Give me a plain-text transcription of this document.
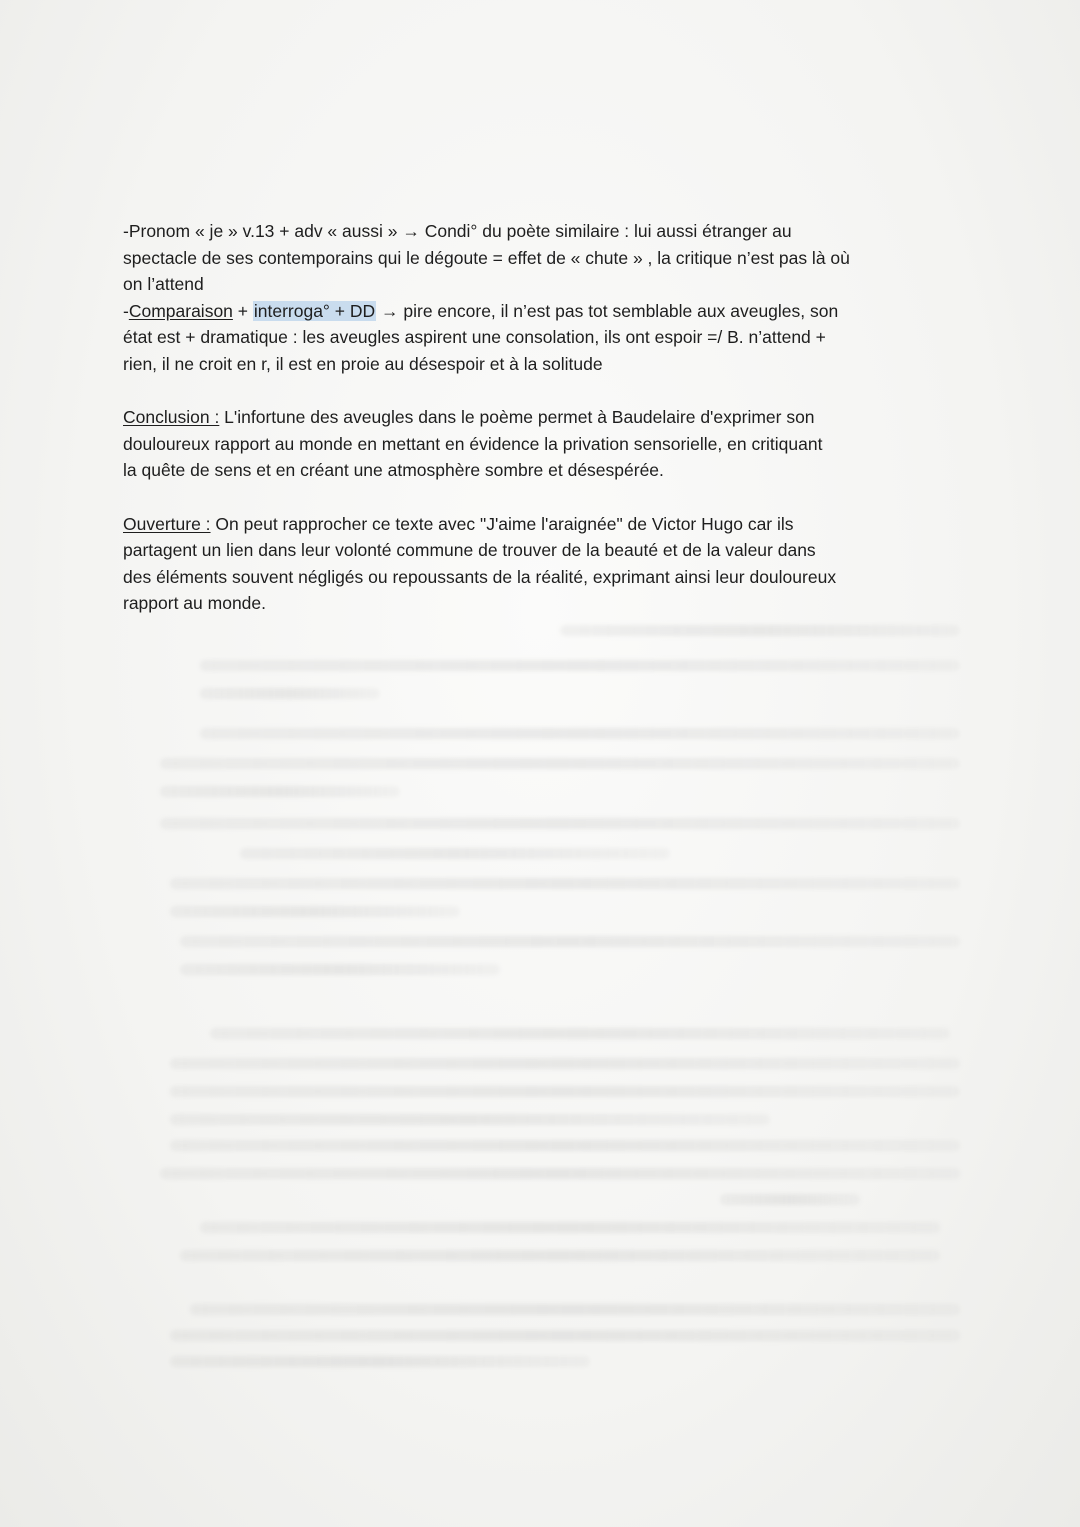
-Pronom « je » v.13 + adv « aussi » → Condi° du poète similaire : lui aussi étranger au
spectacle de ses contemporains qui le dégoute = effet de « chute » , la critique n’est pas là où
on l’attend
-Comparaison + interroga° + DD → pire encore, il n’est pas tot semblable aux aveugles, son
état est + dramatique : les aveugles aspirent une consolation, ils ont espoir =/ B. n’attend +
rien, il ne croit en r, il est en proie au désespoir et à la solitude
Conclusion : L'infortune des aveugles dans le poème permet à Baudelaire d'exprimer son
douloureux rapport au monde en mettant en évidence la privation sensorielle, en critiquant
la quête de sens et en créant une atmosphère sombre et désespérée.
Ouverture : On peut rapprocher ce texte avec "J'aime l'araignée" de Victor Hugo car ils
partagent un lien dans leur volonté commune de trouver de la beauté et de la valeur dans
des éléments souvent négligés ou repoussants de la réalité, exprimant ainsi leur douloureux
rapport au monde.
